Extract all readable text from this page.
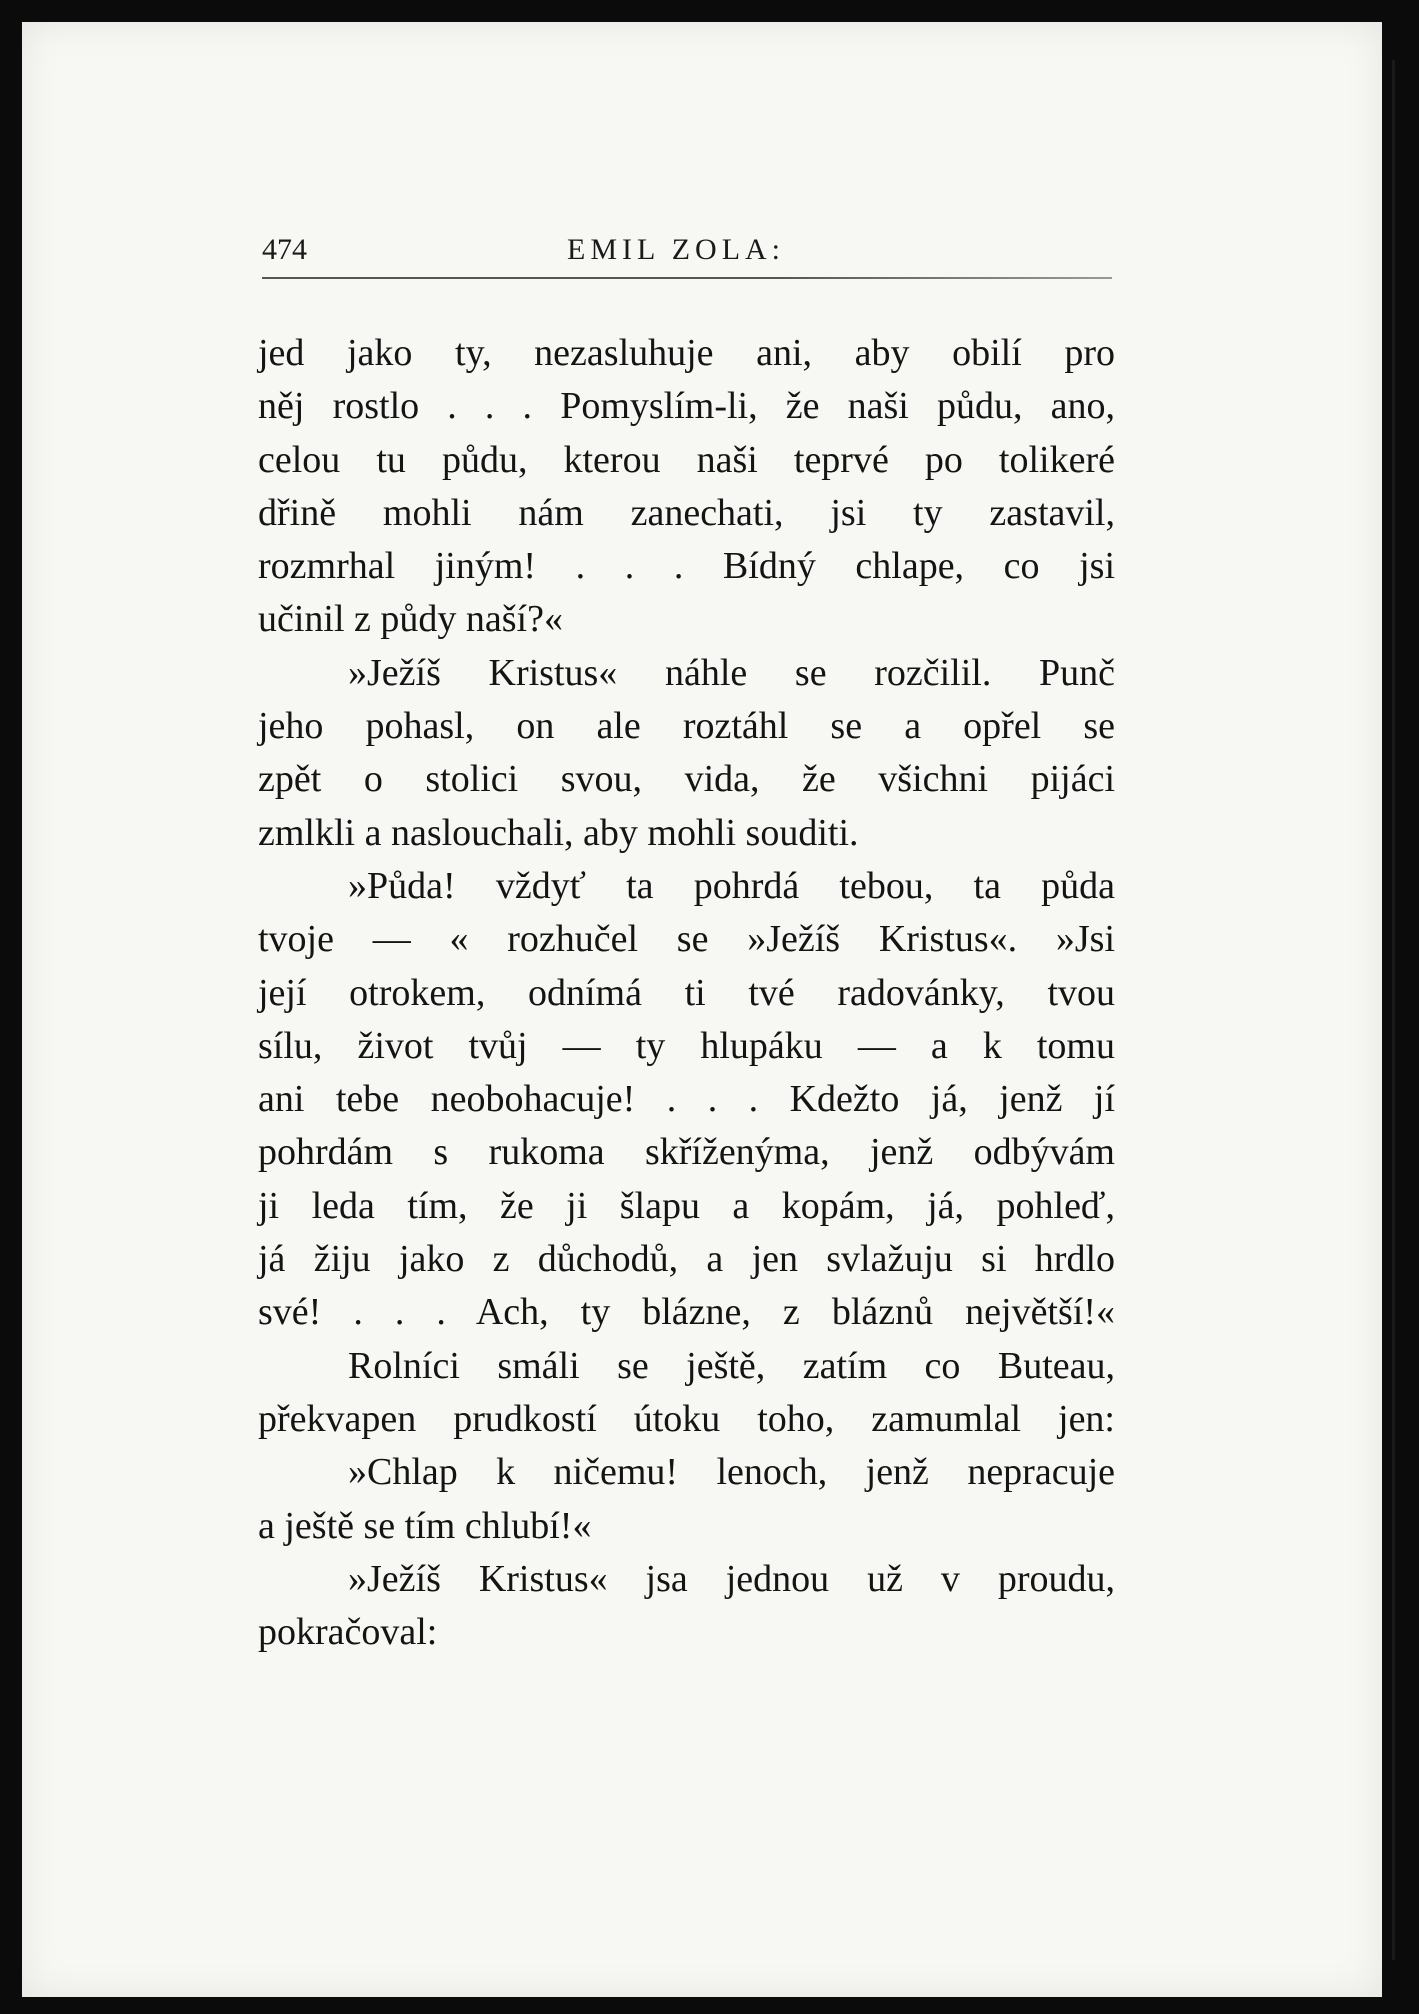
474	EMIL ZOLA:
jed jako ty, nezasluhuje ani, aby obilí pro
něj rostlo . . . Pomyslím-li, že naši půdu, ano,
celou tu půdu, kterou naši teprvé po tolikeré
dřině mohli nám zanechati, jsi ty zastavil,
rozmrhal jiným! . . . Bídný chlape, co jsi
učinil z půdy naší?«
»Ježíš Kristus« náhle se rozčilil. Punč
jeho pohasl, on ale roztáhl se a opřel se
zpět o stolici svou, vida, že všichni pijáci
zmlkli a naslouchali, aby mohli souditi.
»Půda! vždyť ta pohrdá tebou, ta půda
tvoje — « rozhučel se »Ježíš Kristus«. »Jsi
její otrokem, odnímá ti tvé radovánky, tvou
sílu, život tvůj — ty hlupáku — a k tomu
ani tebe neobohacuje! . . . Kdežto já, jenž jí
pohrdám s rukoma skříženýma, jenž odbývám
ji leda tím, že ji šlapu a kopám, já, pohleď,
já žiju jako z důchodů, a jen svlažuju si hrdlo
své! . . . Ach, ty blázne, z bláznů největší!«
Rolníci smáli se ještě, zatím co Buteau,
překvapen prudkostí útoku toho, zamumlal jen:
»Chlap k ničemu! lenoch, jenž nepracuje
a ještě se tím chlubí!«
»Ježíš Kristus« jsa jednou už v proudu,
pokračoval:
